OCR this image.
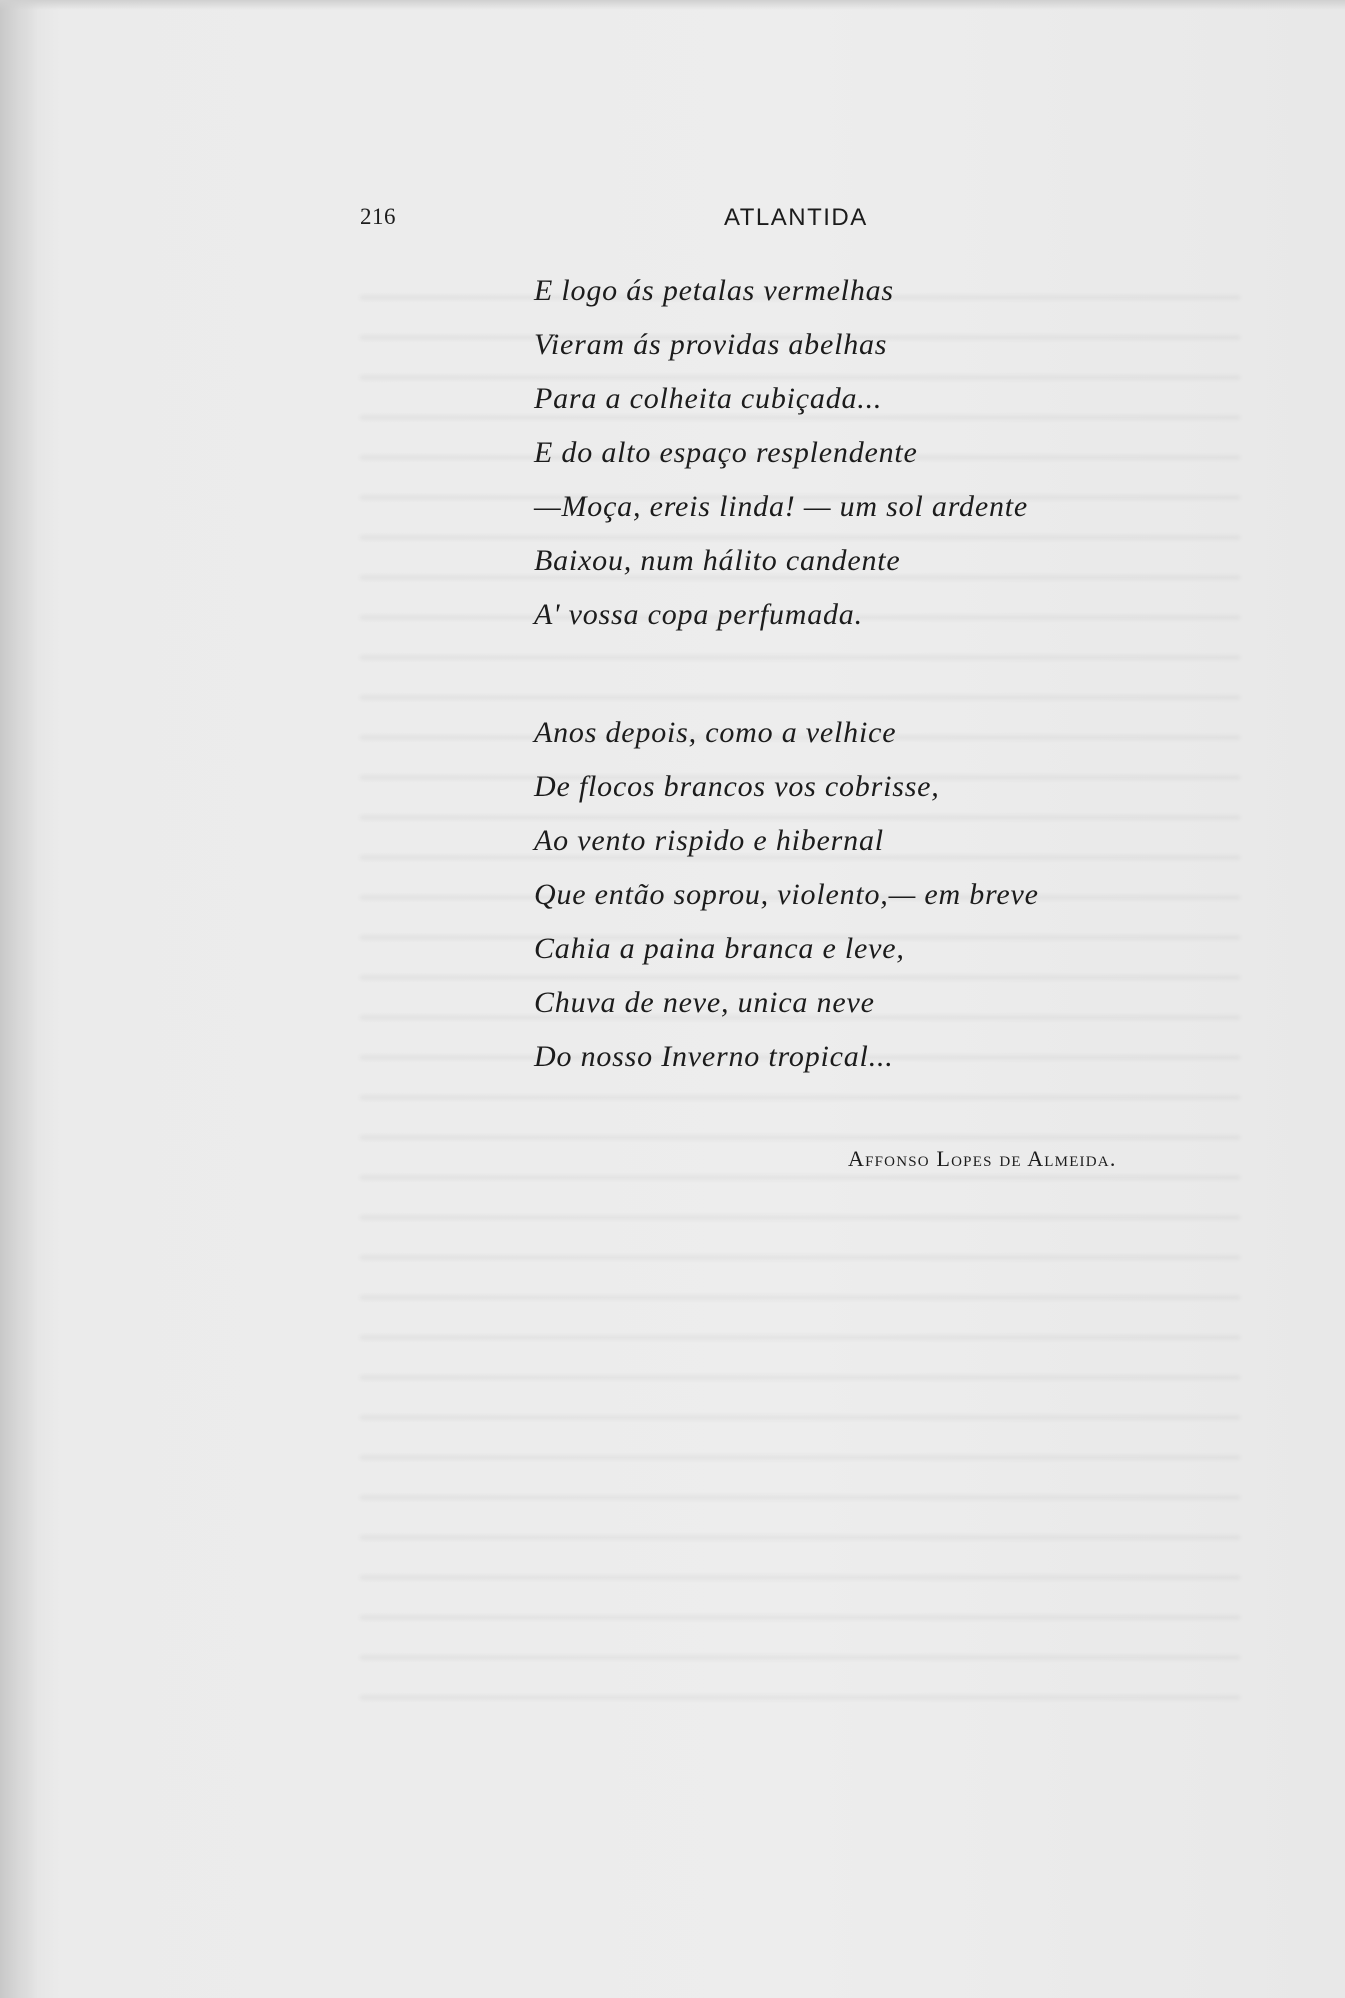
216	ATLANTIDA
E logo ás petalas vermelhas
Vieram ás providas abelhas
Para a colheita cubiçada...
E do alto espaço resplendente
—Moça, ereis linda! — um sol ardente
Baixou, num hálito candente
A' vossa copa perfumada.
Anos depois, como a velhice
De flocos brancos vos cobrisse,
Ao vento rispido e hibernal
Que então soprou, violento,— em breve
Cahia a paina branca e leve,
Chuva de neve, unica neve
Do nosso Inverno tropical...
Affonso Lopes de Almeida.
